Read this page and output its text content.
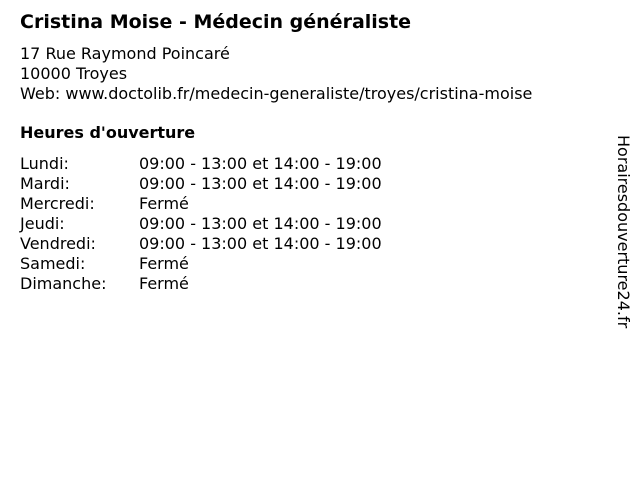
Cristina Moise - Médecin généraliste
17 Rue Raymond Poincaré
10000 Troyes
Web: www.doctolib.fr/medecin-generaliste/troyes/cristina-moise
Heures d'ouverture
Lundi:	09:00 - 13:00 et 14:00 - 19:00
Mardi:	09:00 - 13:00 et 14:00 - 19:00
Mercredi:	Fermé
Jeudi:	09:00 - 13:00 et 14:00 - 19:00
Vendredi:	09:00 - 13:00 et 14:00 - 19:00
Samedi:	Fermé
Dimanche: Fermé	Horairesdouverture24.fr
